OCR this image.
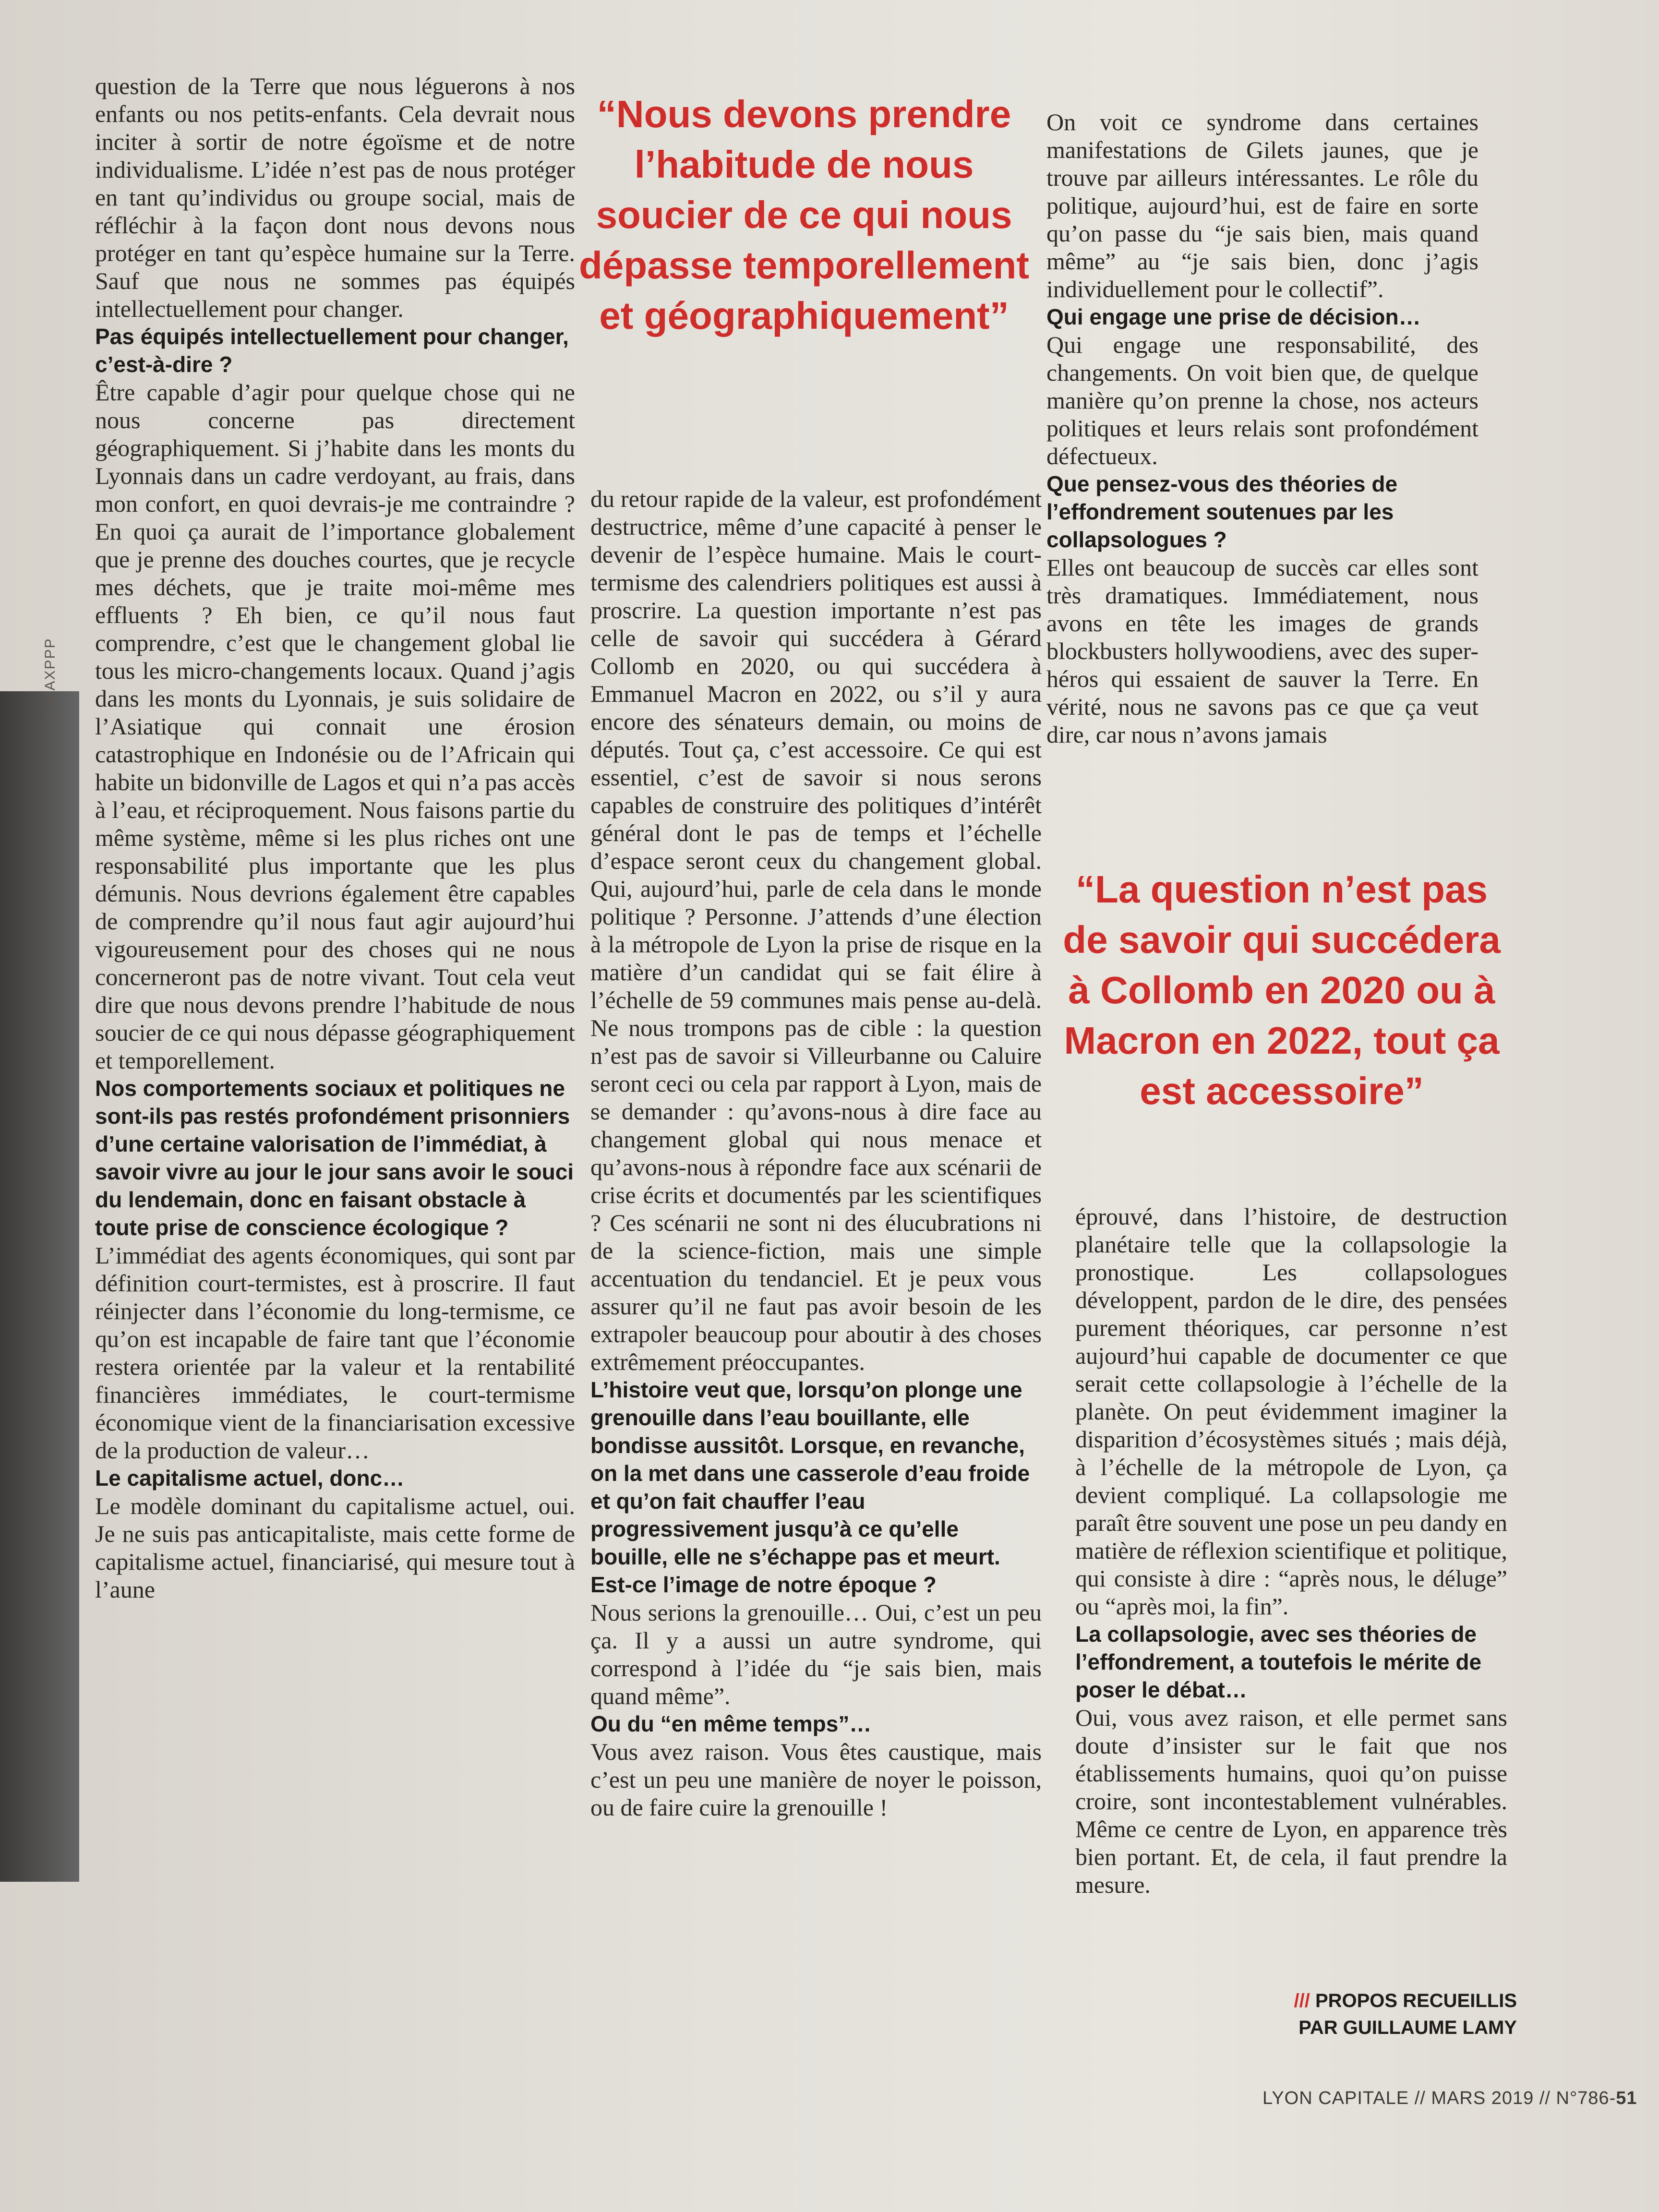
© MAXPPP

question de la Terre que nous léguerons à nos enfants ou nos petits-enfants. Cela devrait nous inciter à sortir de notre égoïsme et de notre individualisme. L’idée n’est pas de nous protéger en tant qu’individus ou groupe social, mais de réfléchir à la façon dont nous devons nous protéger en tant qu’espèce humaine sur la Terre. Sauf que nous ne sommes pas équipés intellectuellement pour changer.

Pas équipés intellectuellement pour changer, c’est-à-dire ?

Être capable d’agir pour quelque chose qui ne nous concerne pas directement géographiquement. Si j’habite dans les monts du Lyonnais dans un cadre verdoyant, au frais, dans mon confort, en quoi devrais-je me contraindre ? En quoi ça aurait de l’importance globalement que je prenne des douches courtes, que je recycle mes déchets, que je traite moi-même mes effluents ? Eh bien, ce qu’il nous faut comprendre, c’est que le changement global lie tous les micro-changements locaux. Quand j’agis dans les monts du Lyonnais, je suis solidaire de l’Asiatique qui connait une érosion catastrophique en Indonésie ou de l’Africain qui habite un bidonville de Lagos et qui n’a pas accès à l’eau, et réciproquement. Nous faisons partie du même système, même si les plus riches ont une responsabilité plus importante que les plus démunis. Nous devrions également être capables de comprendre qu’il nous faut agir aujourd’hui vigoureusement pour des choses qui ne nous concerneront pas de notre vivant. Tout cela veut dire que nous devons prendre l’habitude de nous soucier de ce qui nous dépasse géographiquement et temporellement.

Nos comportements sociaux et politiques ne sont-ils pas restés profondément prisonniers d’une certaine valorisation de l’immédiat, à savoir vivre au jour le jour sans avoir le souci du lendemain, donc en faisant obstacle à toute prise de conscience écologique ?

L’immédiat des agents économiques, qui sont par définition court-termistes, est à proscrire. Il faut réinjecter dans l’économie du long-termisme, ce qu’on est incapable de faire tant que l’économie restera orientée par la valeur et la rentabilité financières immédiates, le court-termisme économique vient de la financiarisation excessive de la production de valeur…

Le capitalisme actuel, donc…

Le modèle dominant du capitalisme actuel, oui. Je ne suis pas anticapitaliste, mais cette forme de capitalisme actuel, financiarisé, qui mesure tout à l’aune

“Nous devons prendre l’habitude de nous soucier de ce qui nous dépasse temporellement et géographiquement”

du retour rapide de la valeur, est profondément destructrice, même d’une capacité à penser le devenir de l’espèce humaine. Mais le court-termisme des calendriers politiques est aussi à proscrire. La question importante n’est pas celle de savoir qui succédera à Gérard Collomb en 2020, ou qui succédera à Emmanuel Macron en 2022, ou s’il y aura encore des sénateurs demain, ou moins de députés. Tout ça, c’est accessoire. Ce qui est essentiel, c’est de savoir si nous serons capables de construire des politiques d’intérêt général dont le pas de temps et l’échelle d’espace seront ceux du changement global. Qui, aujourd’hui, parle de cela dans le monde politique ? Personne. J’attends d’une élection à la métropole de Lyon la prise de risque en la matière d’un candidat qui se fait élire à l’échelle de 59 communes mais pense au-delà. Ne nous trompons pas de cible : la question n’est pas de savoir si Villeurbanne ou Caluire seront ceci ou cela par rapport à Lyon, mais de se demander : qu’avons-nous à dire face au changement global qui nous menace et qu’avons-nous à répondre face aux scénarii de crise écrits et documentés par les scientifiques ? Ces scénarii ne sont ni des élucubrations ni de la science-fiction, mais une simple accentuation du tendanciel. Et je peux vous assurer qu’il ne faut pas avoir besoin de les extrapoler beaucoup pour aboutir à des choses extrêmement préoccupantes.

L’histoire veut que, lorsqu’on plonge une grenouille dans l’eau bouillante, elle bondisse aussitôt. Lorsque, en revanche, on la met dans une casserole d’eau froide et qu’on fait chauffer l’eau progressivement jusqu’à ce qu’elle bouille, elle ne s’échappe pas et meurt. Est-ce l’image de notre époque ?

Nous serions la grenouille… Oui, c’est un peu ça. Il y a aussi un autre syndrome, qui correspond à l’idée du “je sais bien, mais quand même”.

Ou du “en même temps”…

Vous avez raison. Vous êtes caustique, mais c’est un peu une manière de noyer le poisson, ou de faire cuire la grenouille !

On voit ce syndrome dans certaines manifestations de Gilets jaunes, que je trouve par ailleurs intéressantes. Le rôle du politique, aujourd’hui, est de faire en sorte qu’on passe du “je sais bien, mais quand même” au “je sais bien, donc j’agis individuellement pour le collectif”.

Qui engage une prise de décision…

Qui engage une responsabilité, des changements. On voit bien que, de quelque manière qu’on prenne la chose, nos acteurs politiques et leurs relais sont profondément défectueux.

Que pensez-vous des théories de l’effondrement soutenues par les collapsologues ?

Elles ont beaucoup de succès car elles sont très dramatiques. Immédiatement, nous avons en tête les images de grands blockbusters hollywoodiens, avec des super-héros qui essaient de sauver la Terre. En vérité, nous ne savons pas ce que ça veut dire, car nous n’avons jamais

“La question n’est pas de savoir qui succédera à Collomb en 2020 ou à Macron en 2022, tout ça est accessoire”

éprouvé, dans l’histoire, de destruction planétaire telle que la collapsologie la pronostique. Les collapsologues développent, pardon de le dire, des pensées purement théoriques, car personne n’est aujourd’hui capable de documenter ce que serait cette collapsologie à l’échelle de la planète. On peut évidemment imaginer la disparition d’écosystèmes situés ; mais déjà, à l’échelle de la métropole de Lyon, ça devient compliqué. La collapsologie me paraît être souvent une pose un peu dandy en matière de réflexion scientifique et politique, qui consiste à dire : “après nous, le déluge” ou “après moi, la fin”.

La collapsologie, avec ses théories de l’effondrement, a toutefois le mérite de poser le débat…

Oui, vous avez raison, et elle permet sans doute d’insister sur le fait que nos établissements humains, quoi qu’on puisse croire, sont incontestablement vulnérables. Même ce centre de Lyon, en apparence très bien portant. Et, de cela, il faut prendre la mesure.

/// PROPOS RECUEILLIS
PAR GUILLAUME LAMY
LYON CAPITALE // MARS 2019 // N°786-51
